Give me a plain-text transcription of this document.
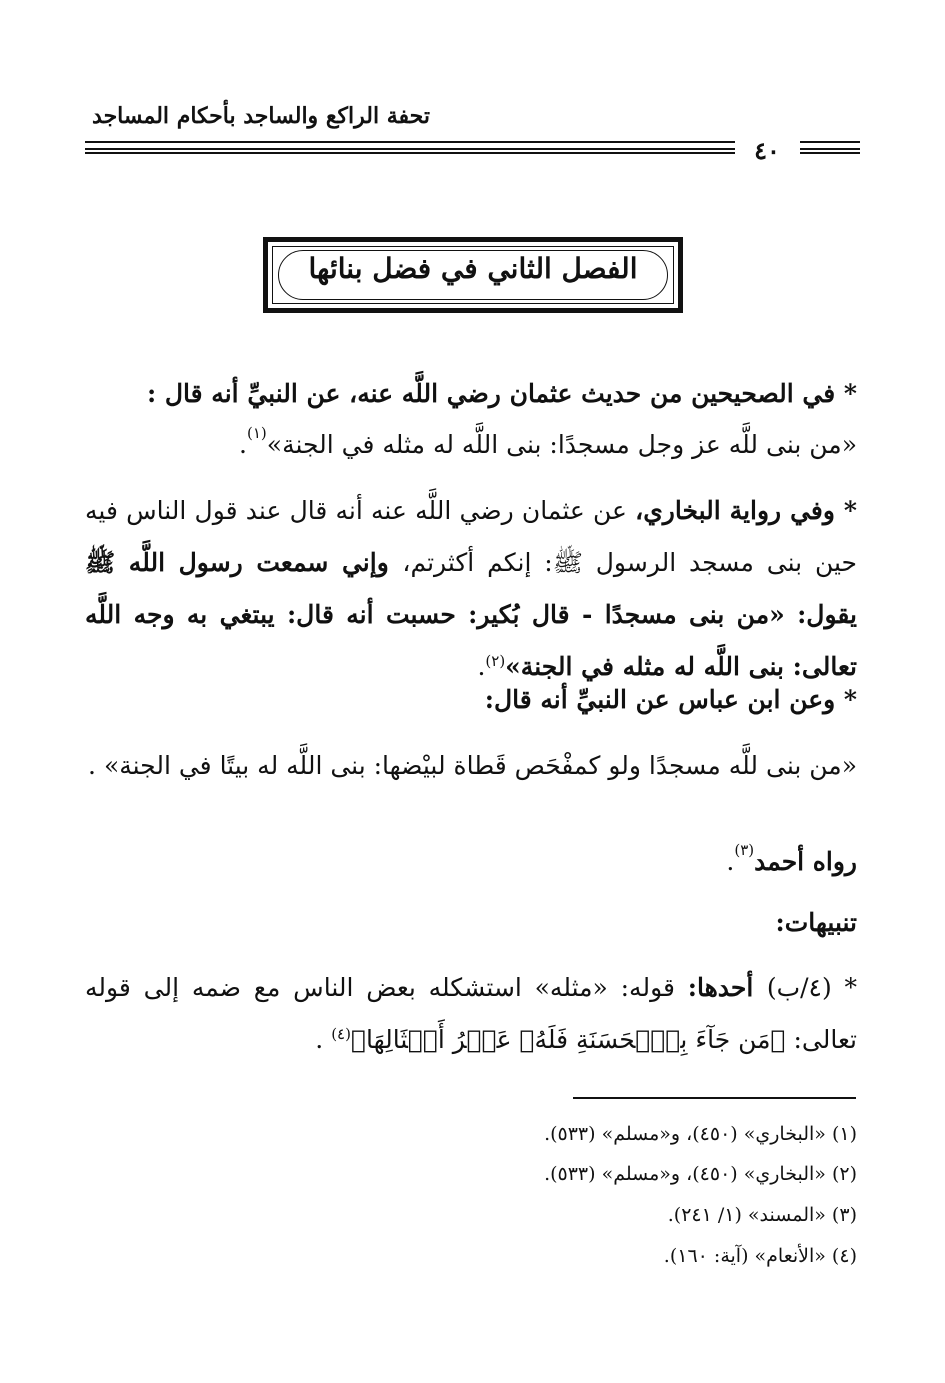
تحفة الراكع والساجد بأحكام المساجد
٤٠
الفصل الثاني في فضل بنائها
* في الصحيحين من حديث عثمان رضي اللَّه عنه، عن النبيِّ أنه قال :
«من بنى للَّه عز وجل مسجدًا: بنى اللَّه له مثله في الجنة»$^{(١)}$.
* وفي رواية البخاري، عن عثمان رضي اللَّه عنه أنه قال عند قول الناس فيه حين بنى مسجد الرسول ﷺ: إنكم أكثرتم، وإني سمعت رسول اللَّه ﷺ يقول: «من بنى مسجدًا - قال بُكير: حسبت أنه قال: يبتغي به وجه اللَّه تعالى: بنى اللَّه له مثله في الجنة»$^{(٢)}$.
* وعن ابن عباس عن النبيِّ أنه قال:
«من بنى للَّه مسجدًا ولو كمفْحَص قَطاة لبيْضها: بنى اللَّه له بيتًا في الجنة» .
رواه أحمد$^{(٣)}$.
تنبيهات:
* (٤/ب) أحدها: قوله: «مثله» استشكله بعض الناس مع ضمه إلى قوله تعالى: ﴿مَن جَآءَ بِٱلۡحَسَنَةِ فَلَهُۥ عَشۡرُ أَمۡثَالِهَا﴾$^{(٤)}$ .
(١) «البخاري» (٤٥٠)، و«مسلم» (٥٣٣).
(٢) «البخاري» (٤٥٠)، و«مسلم» (٥٣٣).
(٣) «المسند» (١/ ٢٤١).
(٤) «الأنعام» (آية: ١٦٠).
